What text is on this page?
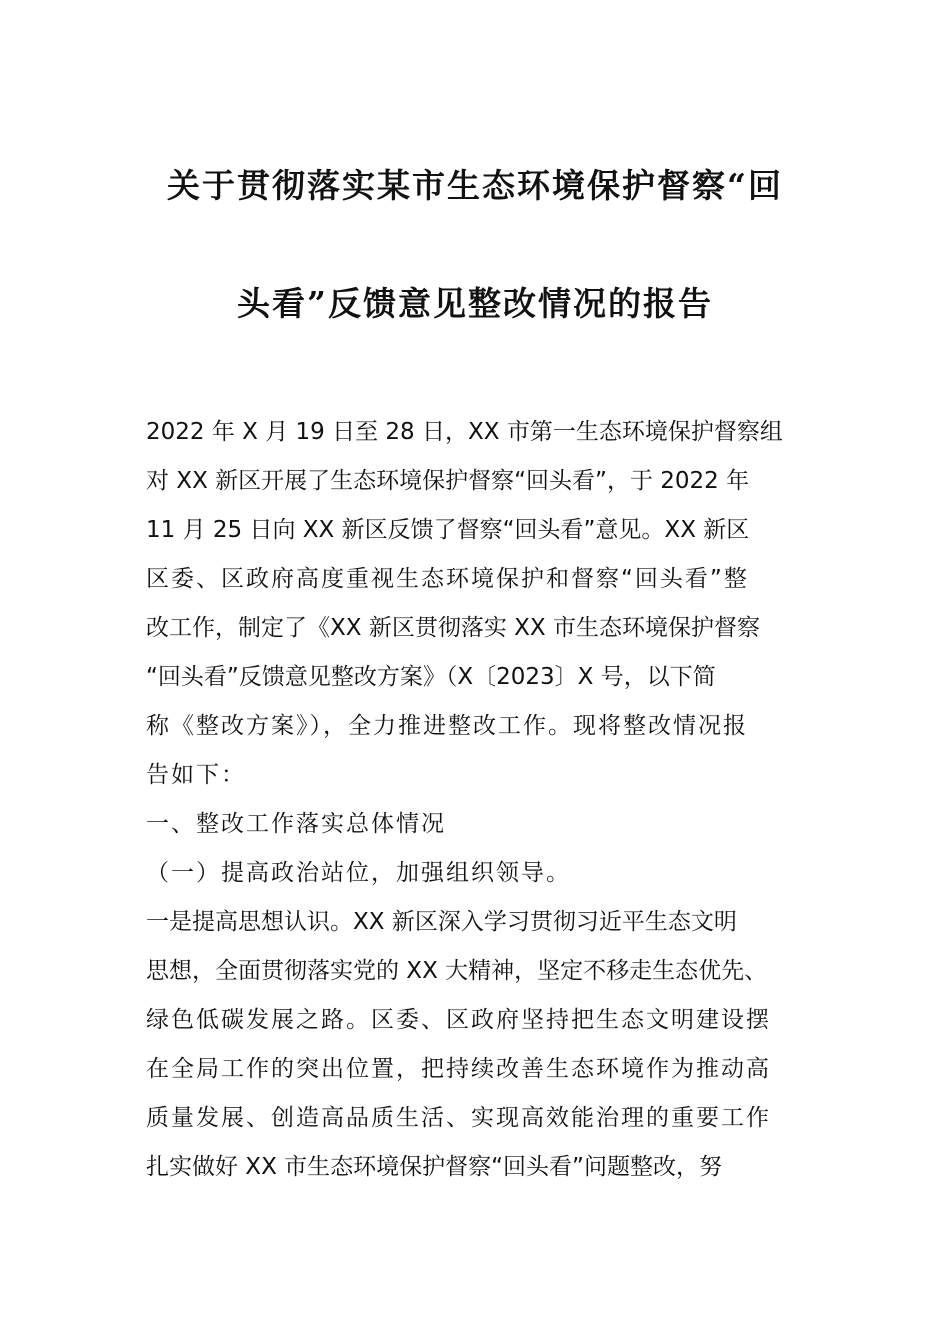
关于贯彻落实某市生态环境保护督察“回
头看”反馈意见整改情况的报告
2022 年 X 月 19 日至 28 日，XX 市第一生态环境保护督察组
对 XX 新区开展了生态环境保护督察“回头看”，于 2022 年
11 月 25 日向 XX 新区反馈了督察“回头看”意见。XX 新区
区委、区政府高度重视生态环境保护和督察“回头看”整
改工作，制定了《XX 新区贯彻落实 XX 市生态环境保护督察
“回头看”反馈意见整改方案》（X〔2023〕X 号，以下简
称《整改方案》），全力推进整改工作。现将整改情况报
告如下：
一、整改工作落实总体情况
（一）提高政治站位，加强组织领导。
一是提高思想认识。XX 新区深入学习贯彻习近平生态文明
思想，全面贯彻落实党的 XX 大精神，坚定不移走生态优先、
绿色低碳发展之路。区委、区政府坚持把生态文明建设摆
在全局工作的突出位置，把持续改善生态环境作为推动高
质量发展、创造高品质生活、实现高效能治理的重要工作
扎实做好 XX 市生态环境保护督察“回头看”问题整改，努
